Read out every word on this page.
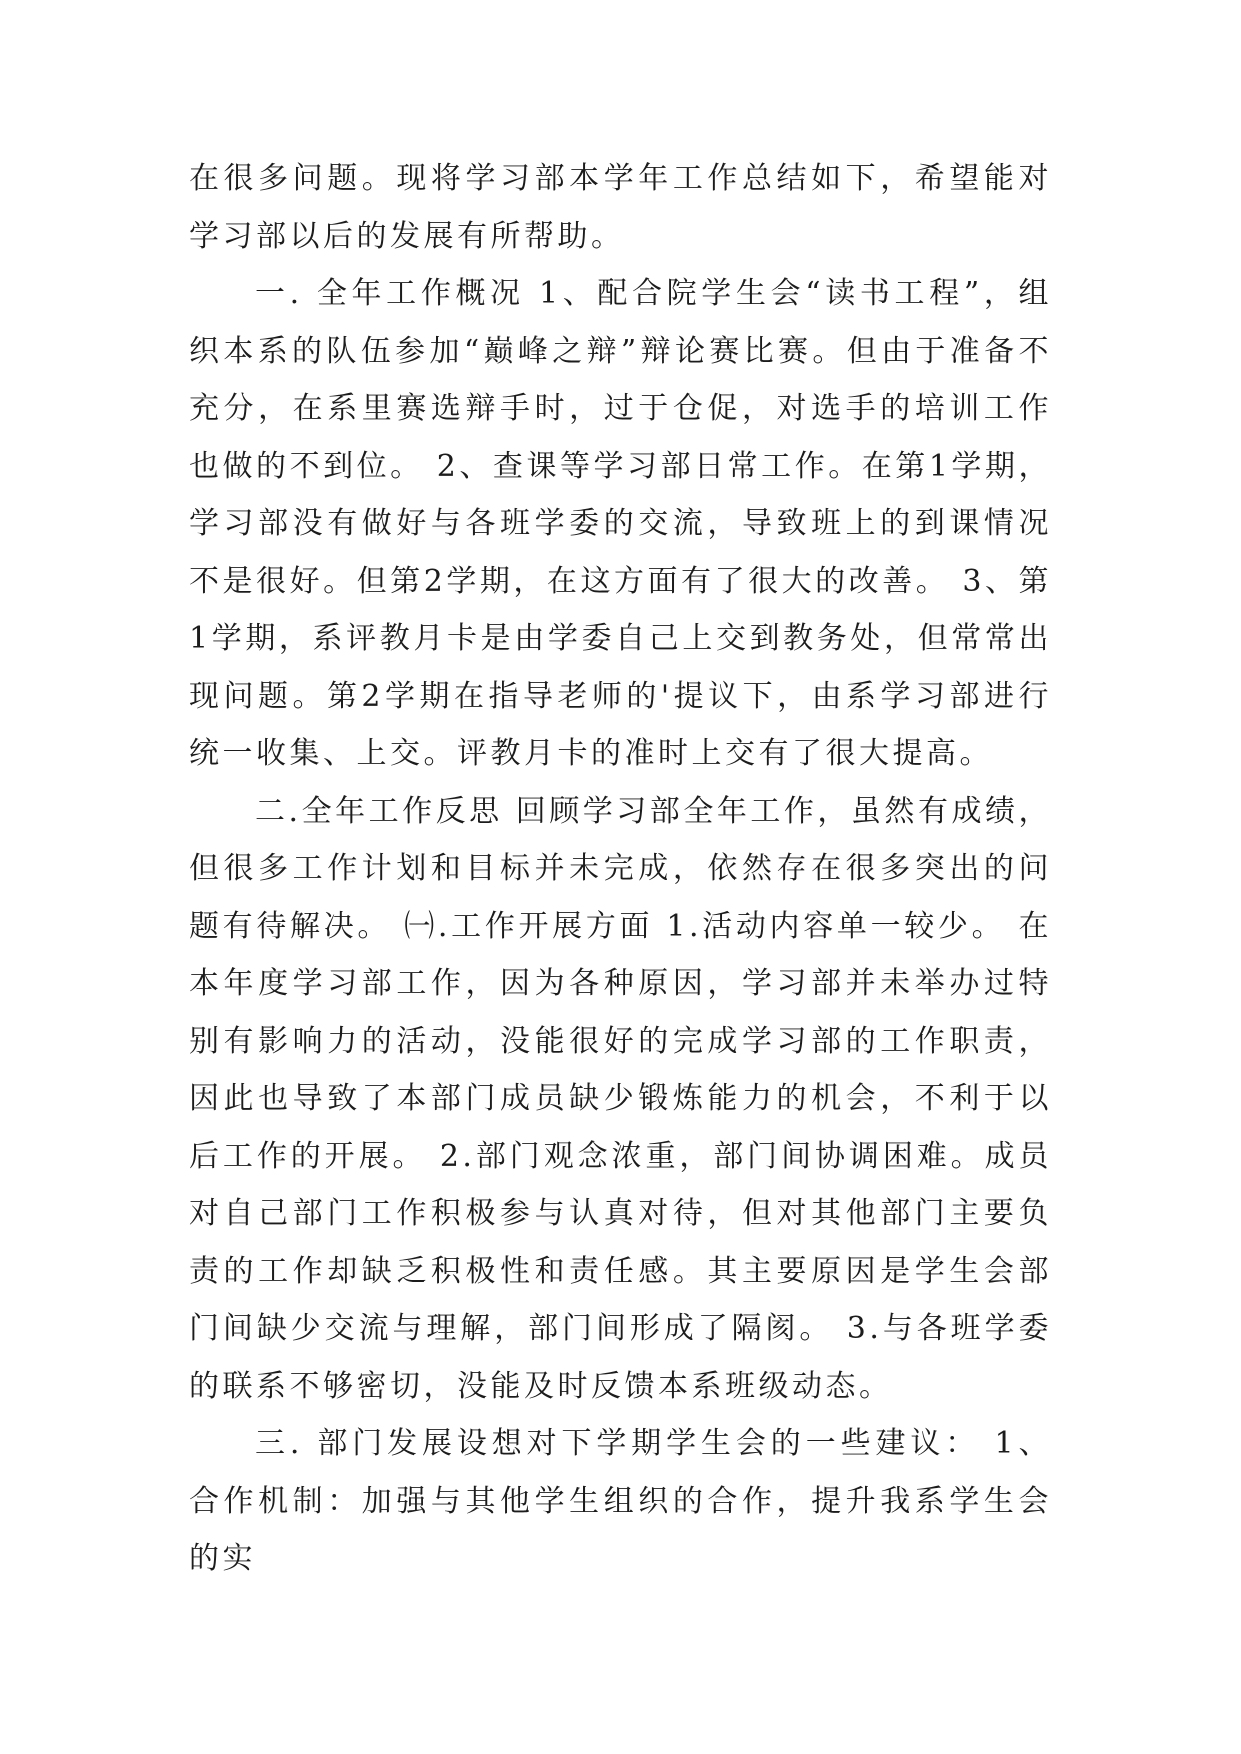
在很多问题。现将学习部本学年工作总结如下，希望能对学习部以后的发展有所帮助。

一. 全年工作概况 1、配合院学生会“读书工程”，组织本系的队伍参加“巅峰之辩”辩论赛比赛。但由于准备不充分，在系里赛选辩手时，过于仓促，对选手的培训工作也做的不到位。 2、查课等学习部日常工作。在第1学期，学习部没有做好与各班学委的交流，导致班上的到课情况不是很好。但第2学期，在这方面有了很大的改善。 3、第1学期，系评教月卡是由学委自己上交到教务处，但常常出现问题。第2学期在指导老师的'提议下，由系学习部进行统一收集、上交。评教月卡的准时上交有了很大提高。

二.全年工作反思 回顾学习部全年工作，虽然有成绩，但很多工作计划和目标并未完成，依然存在很多突出的问题有待解决。 ㈠.工作开展方面 1.活动内容单一较少。 在本年度学习部工作，因为各种原因，学习部并未举办过特别有影响力的活动，没能很好的完成学习部的工作职责，因此也导致了本部门成员缺少锻炼能力的机会，不利于以后工作的开展。 2.部门观念浓重，部门间协调困难。成员对自己部门工作积极参与认真对待，但对其他部门主要负责的工作却缺乏积极性和责任感。其主要原因是学生会部门间缺少交流与理解，部门间形成了隔阂。 3.与各班学委的联系不够密切，没能及时反馈本系班级动态。

三. 部门发展设想对下学期学生会的一些建议： 1、合作机制：加强与其他学生组织的合作，提升我系学生会的实
